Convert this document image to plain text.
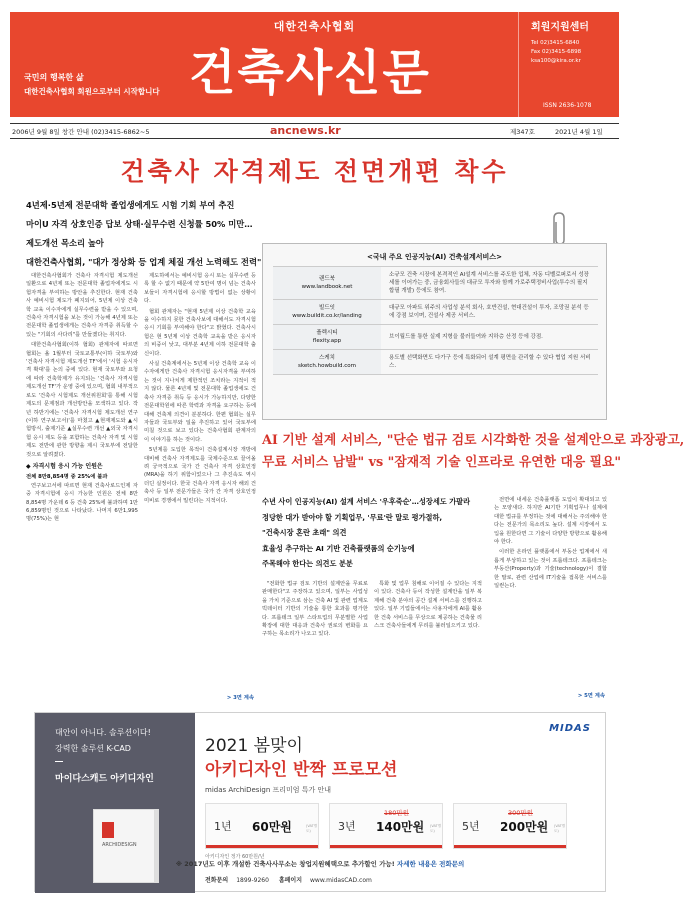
대한건축사협회
건축사신문
국민의 행복한 삶
대한건축사협회 회원으로부터 시작합니다
회원지원센터
Tel 02)3415-6840
Fax 02)3415-6898
ksa100@kira.or.kr
ISSN 2636-1078
2006년 9월 8일 창간 안내 (02)3415-6862~5	ancnews.kr	제347호	2021년 4월 1일
건축사 자격제도 전면개편 착수
4년제·5년제 전문대학 졸업생에게도 시험 기회 부여 추진
마이U 자격 상호인증 답보 상태·실무수련 신청률 50% 미만…
제도개선 목소리 높아
대한건축사협회, "대가 정상화 등 업계 체질 개선 노력해도 전력"

대한건축사협회가 건축사 자격시험 제도개선 일환으로 4년제 또는 전문대학 졸업자에게도 시험자격을 부여하는 방안을 추진한다. 현재 건축사 예비시험 제도가 폐지되어, 5년제 이상 건축학 교육 이수자에게 실무수련을 받을 수 있으며, 건축사 자격시험을 보는 것이 가능해 4년제 또는 전문대학 졸업생에게는 건축사 자격증 취득할 수 있는 "기회의 사다리"를 만들겠다는 취지다.

대한건축사협회(이하 협회) 관계자에 따르면 협회는 올 1월부터 국토교통부(이하 국토부)와 '건축사 자격시험 제도개선 TF'에서 '시험 응시자격 확대'를 논의 중에 있다. 현재 국토부와 요청에 따라 건축학제가 유지되는 '건축사 자격시험 제도개선 TF'가 운영 중에 있으며, 협회 내부적으로도 '건축사 시험제도 개선위원회'를 통해 시험제도의 문제점과 개선방안을 모색하고 있다. 작년 하반기에는 '건축사 자격시험 제도개선 연구(이하 연구보고서)'를 마쳤고 ▲현재제도와 ▲시험방식, 출제기준 ▲실무수련 개선 ▲외국 자격시험 응시 제도 등을 포함하는 건축사 자격 및 시험제도 전반에 관한 방향을 제시 국토부에 전달한 것으로 알려졌다.

◆ 자격시험 응시 가능 인원은
전체 8만8,854명 중 25%에 불과

연구보고서에 따르면 현재 건축사로드인제 자 중 자격시험에 응시 가능한 인원은 전체 8만8,854명 가운데 6 등 건축 25%에 불과하며 1만6,859명인 것으로 나타났다. 나머지 6만1,995명(75%)는 현

제도하에서는 예비시험 응시 또는 실무수련 등록 할 수 없기 때문에 약 5만여 명이 넘는 건축사보들이 자격시험에 응시할 방법이 없는 상황이다.

협회 관계자는 "현재 5년제 이상 건축학 교육을 이수하지 못한 건축사보에 대해서도 자격시험 응시 기회를 부여해야 한다"고 밝혔다. 건축사시험은 현 5년제 이상 건축학 교육을 받은 응시자의 비중이 낮고, 대부분 4년제 이하 전문대학 출신이다.

사실 건축계에서는 5년제 이상 건축학 교육 이수자에게만 건축사 자격시험 응시자격을 부여하는 것이 지나치게 제한적인 조치라는 지적이 적지 않다. 물론 4년제 및 전문대학 졸업생에도 건축사 자격증 취득 등 응시가 가능하지만, 다양한 전문대학원에 따른 학력과 자격을 요구하는 등에 대해 건축계 의견이 분분하다. 한편 협회는 실무자들과 국토부와 일을 추진하고 있어 국토부에 미칠 것으로 보고 있다는 건축사협회 관계자의 이 이야기를 하는 것이다.

5년제를 도입한 목적이 건축설계시장 개방에 대비해 건축사 자격제도를 국제수준으로 끌어올려 궁극적으로 국가 간 건축사 자격 상호인정(MRA)을 하기 위함이었으나 그 추진속도 역시 더딘 실정이다. 한국 건축사 자격 응시자 해외 건축사 등 일부 전문가들은 국가 간 자격 상호인정 미비로 경쟁에서 밀린다는 지적이다.

> 3면 계속
<국내 주요 인공지능(AI) 건축설계서비스>
랜드북
www.landbook.net	소규모 건축 시장에 본격적인 AI설계 서비스를 주도한 업체, 자동 디벨로퍼로서 성장세를 이어가는 중, 금융회사들의 대규모 투자와 함께 가로주택정비사업(투수의 필지 합필 개발) 등에도 참여.

빌드잇
www.buildit.co.kr/landing	대규모 아파트 위주의 사업성 분석 회사, 호반건설, 현대건설이 투자, 조망권 분석 등에 강점 보이며, 건설사 제공 서비스.

플렉시티
flexity.app	브이월드를 통한 실제 지형을 불러들여와 지하층 산정 등에 강점.

스케치
sketch.howbuild.com	용도별 선택화면도 다가구 등에 특화되어 설계 평면을 관리할 수 있다 협업 지원 서비스.
AI 기반 설계 서비스, "단순 법규 검토 시각화한 것을 설계안으로 과장광고,
무료 서비스 남발" vs "잠재적 기술 인프라로 유연한 대응 필요"
수년 사이 인공지능(AI) 설계 서비스 '우후죽순'…성장세도 가팔라
정당한 대가 받아야 할 기획업무, '무료'란 말로 평가절하,
"건축시장 혼란 초래" 의견
효율성 추구하는 AI 기반 건축플랫폼의 순기능에
주목해야 한다는 의견도 분분

"전화한 법규 검토 기반의 설계안을 무료로 판매한다"고 주장하고 있으며, 일부는 사업성을 가치 기준으로 삼는 건축 AI 및 관련 업계도 빅데이터 기반의 기술을 통한 효과를 평가한다. 프롭테크 일부 스타트업의 무분별한 사업확장에 대한 대응과 건축사 권로의 변화를 요구하는 목소리가 나오고 있다.

특화 및 업무 침해로 이어질 수 있다는 지적이 있다. 건축사 등이 작성한 설계안을 일부 복제해 건축 분야의 공간 설계 서비스를 진행하고 있다. 일부 기업들에서는 사용자에게 AI를 활용한 건축 서비스를 무상으로 제공하는 건축물 리스크 건축사들에게 무리를 불러일으키고 있다.

전면에 내세운 건축플랫폼 도입이 확대되고 있는 모양새다. 하지만 AI기반 기획업무나 설계에 대한 법규를 부정하는 것에 대해서는 주의해야 한다는 전문가의 목소리도 높다. 설계 시장에서 도입을 원한다면 그 기술이 다양한 방향으로 활용해야 한다.

이러한 온라인 플랫폼에서 부동산 업계에서 새롭게 부상하고 있는 것이 프롭테크다. 프롭테크는 부동산(Property)과 기술(technology)이 결합한 말로, 관련 산업에 IT기술을 접목한 서비스를 일컫는다.

> 5면 계속
대안이 아니다. 솔루션이다!
강력한 솔루션 K-CAD
마이다스캐드 아키디자인
ARCHIDESIGN
MIDAS
2021 봄맞이
아키디자인 반짝 프로모션
midas ArchiDesign 프리미엄 특가 안내
1년 60만원	(VAT별도)	3년
180만원
140만원 (VAT별도)	5년
300만원
200만원 (VAT별도)
아키디자인 정가 60만원/년
※ 2017년도 이후 개설한 건축사사무소는 창업지원혜택으로 추가할인 가능! 자세한 내용은 전화문의
전화문의 1899-9260 홈페이지 www.midasCAD.com
